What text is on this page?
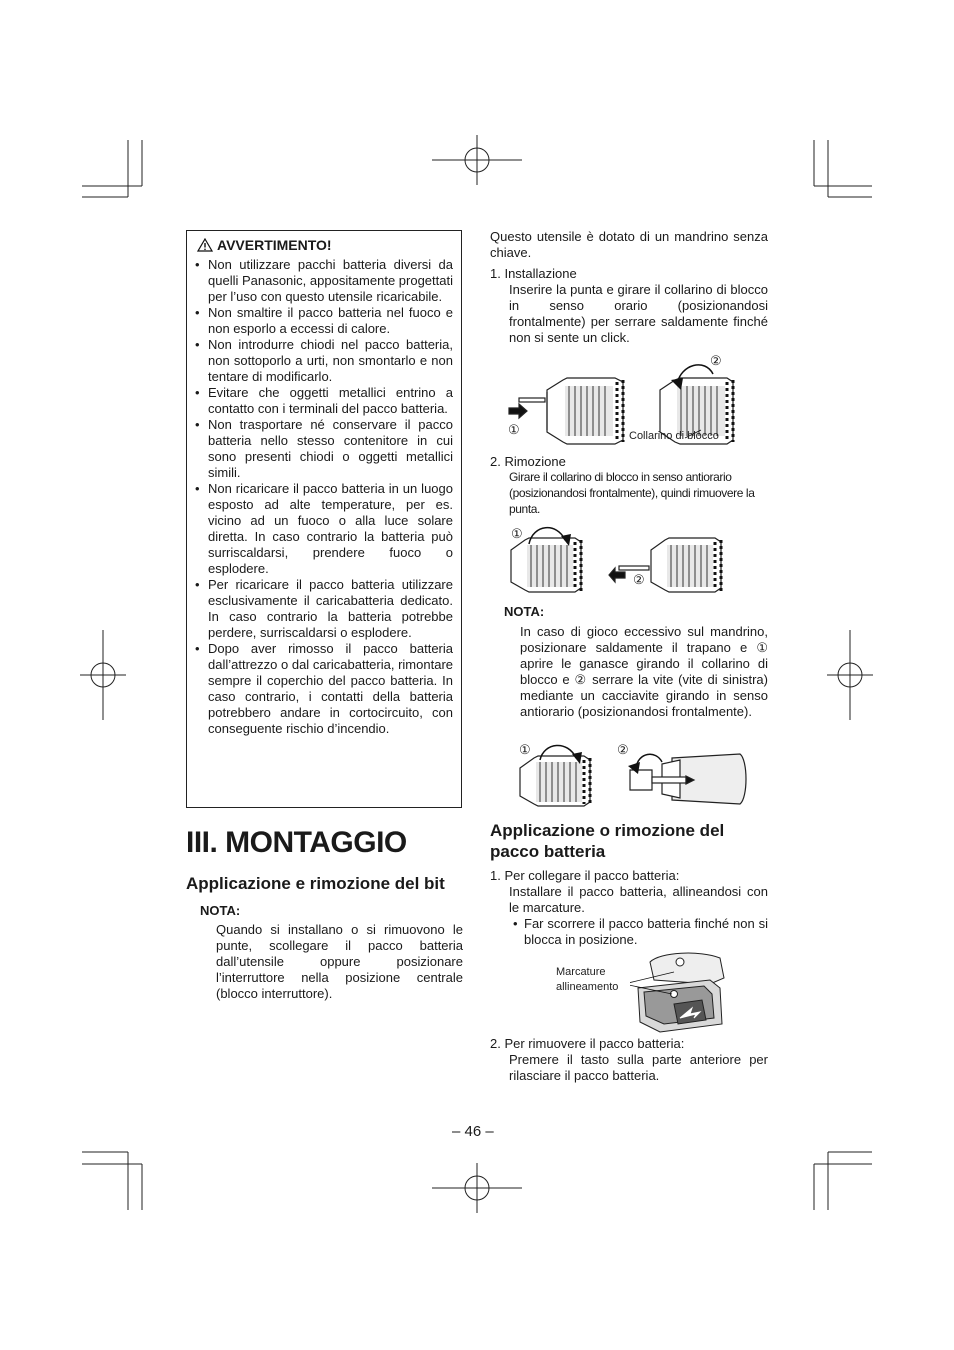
AVVERTIMENTO!
• Non utilizzare pacchi batteria diversi da quelli Panasonic, appositamente progettati per l’uso con questo utensile ricaricabile.
• Non smaltire il pacco batteria nel fuoco e non esporlo a eccessi di calore.
• Non introdurre chiodi nel pacco batteria, non sottoporlo a urti, non smontarlo e non tentare di modificarlo.
• Evitare che oggetti metallici entrino a contatto con i terminali del pacco batteria.
• Non trasportare né conservare il pacco batteria nello stesso contenitore in cui sono presenti chiodi o oggetti metallici simili.
• Non ricaricare il pacco batteria in un luogo esposto ad alte temperature, per es. vicino ad un fuoco o alla luce solare diretta. In caso contrario la batteria può surriscaldarsi, prendere fuoco o esplodere.
• Per ricaricare il pacco batteria utilizzare esclusivamente il caricabatteria dedicato. In caso contrario la batteria potrebbe perdere, surriscaldarsi o esplodere.
• Dopo aver rimosso il pacco batteria dall’attrezzo o dal caricabatteria, rimontare sempre il coperchio del pacco batteria. In caso contrario, i contatti della batteria potrebbero andare in cortocircuito, con conseguente rischio d’incendio.
III. MONTAGGIO
Applicazione e rimozione del bit
NOTA:
Quando si installano o si rimuovono le punte, scollegare il pacco batteria dall’utensile oppure posizionare l’interruttore nella posizione centrale (blocco interruttore).
Questo utensile è dotato di un mandrino senza chiave.
1. Installazione
Inserire la punta e girare il collarino di blocco in senso orario (posizionandosi frontalmente) per serrare saldamente finché non si sente un click.
①
②
Collarino di blocco
2. Rimozione
Girare il collarino di blocco in senso antiorario (posizionandosi frontalmente), quindi rimuovere la punta.
①
②
NOTA:
In caso di gioco eccessivo sul mandrino, posizionare saldamente il trapano e ① aprire le ganasce girando il collarino di blocco e ② serrare la vite (vite di sinistra) mediante un cacciavite girando in senso antiorario (posizionandosi frontalmente).
①	②
Applicazione o rimozione del pacco batteria
1. Per collegare il pacco batteria:
Installare il pacco batteria, allineandosi con le marcature.
• Far scorrere il pacco batteria finché non si blocca in posizione.
Marcature
allineamento
2. Per rimuovere il pacco batteria:
Premere il tasto sulla parte anteriore per rilasciare il pacco batteria.
– 46 –
